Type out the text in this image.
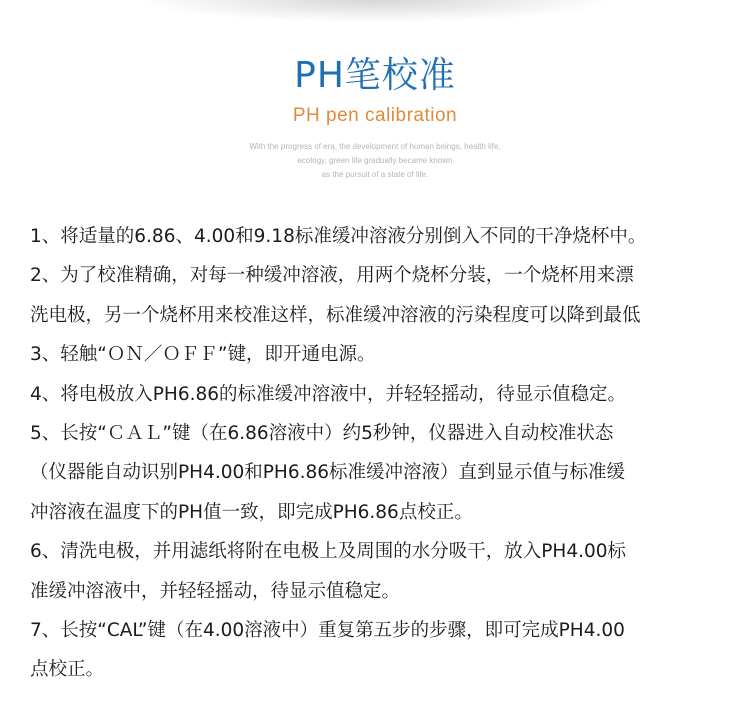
PH笔校准
PH pen calibration
With the progress of era, the development of human beings, health life,
ecology, green life gradually became known
as the pursuit of a state of life.
1、将适量的6.86、4.00和9.18标准缓冲溶液分别倒入不同的干净烧杯中。
2、为了校准精确，对每一种缓冲溶液，用两个烧杯分装，一个烧杯用来漂
洗电极，另一个烧杯用来校准这样，标准缓冲溶液的污染程度可以降到最低
3、轻触“ＯＮ／ＯＦＦ”键，即开通电源。
4、将电极放入PH6.86的标准缓冲溶液中，并轻轻摇动，待显示值稳定。
5、长按“ＣＡＬ”键（在6.86溶液中）约5秒钟，仪器进入自动校准状态
（仪器能自动识别PH4.00和PH6.86标准缓冲溶液）直到显示值与标准缓
冲溶液在温度下的PH值一致，即完成PH6.86点校正。
6、清洗电极，并用滤纸将附在电极上及周围的水分吸干，放入PH4.00标
准缓冲溶液中，并轻轻摇动，待显示值稳定。
7、长按“CAL”键（在4.00溶液中）重复第五步的步骤，即可完成PH4.00
点校正。
